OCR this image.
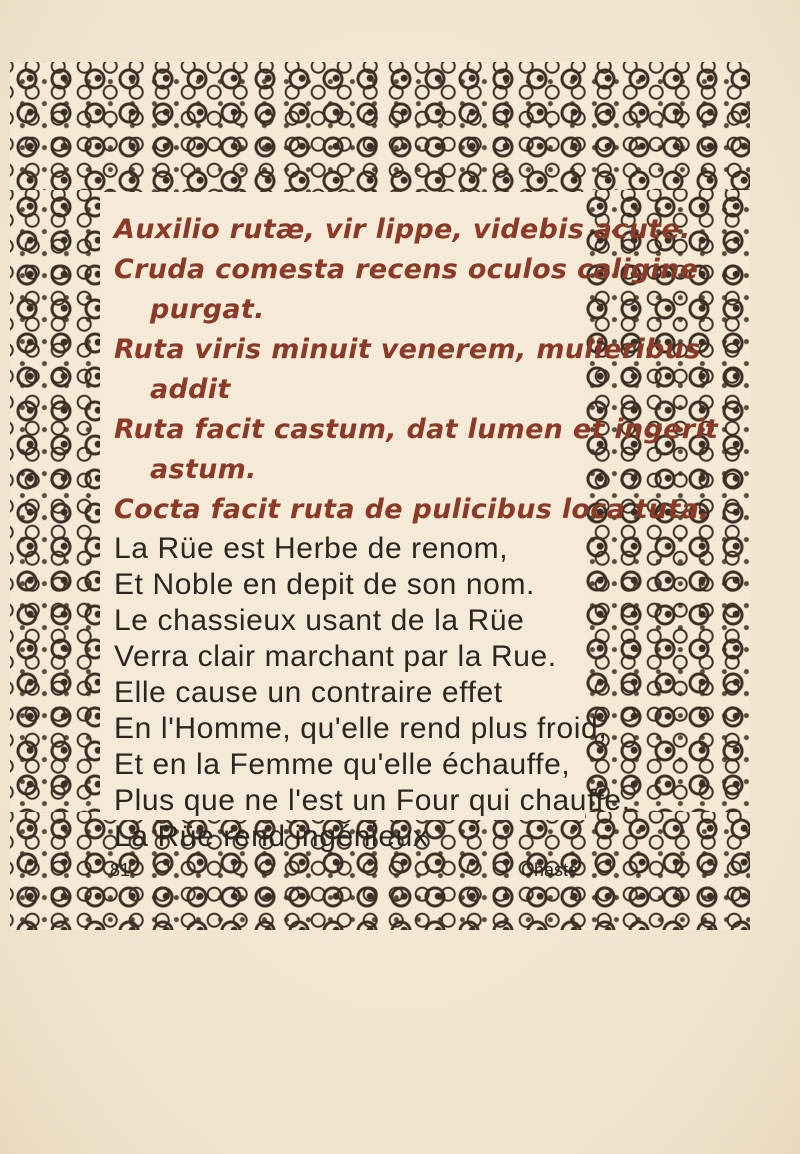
Auxilio rutæ, vir lippe, videbis acute.
Cruda comesta recens oculos caligine
purgat.
Ruta viris minuit venerem, mulieribus
addit
Ruta facit castum, dat lumen et ingerit
astum.
Cocta facit ruta de pulicibus loca tuta.
La Rüe est Herbe de renom,
Et Noble en depit de son nom.
Le chassieux usant de la Rüe
Verra clair marchant par la Rue.
Elle cause un contraire effet
En l'Homme, qu'elle rend plus froid,
Et en la Femme qu'elle échauffe,
Plus que ne l'est un Four qui chauffe.
La Rüe rend ingénieux
81	Chaste
